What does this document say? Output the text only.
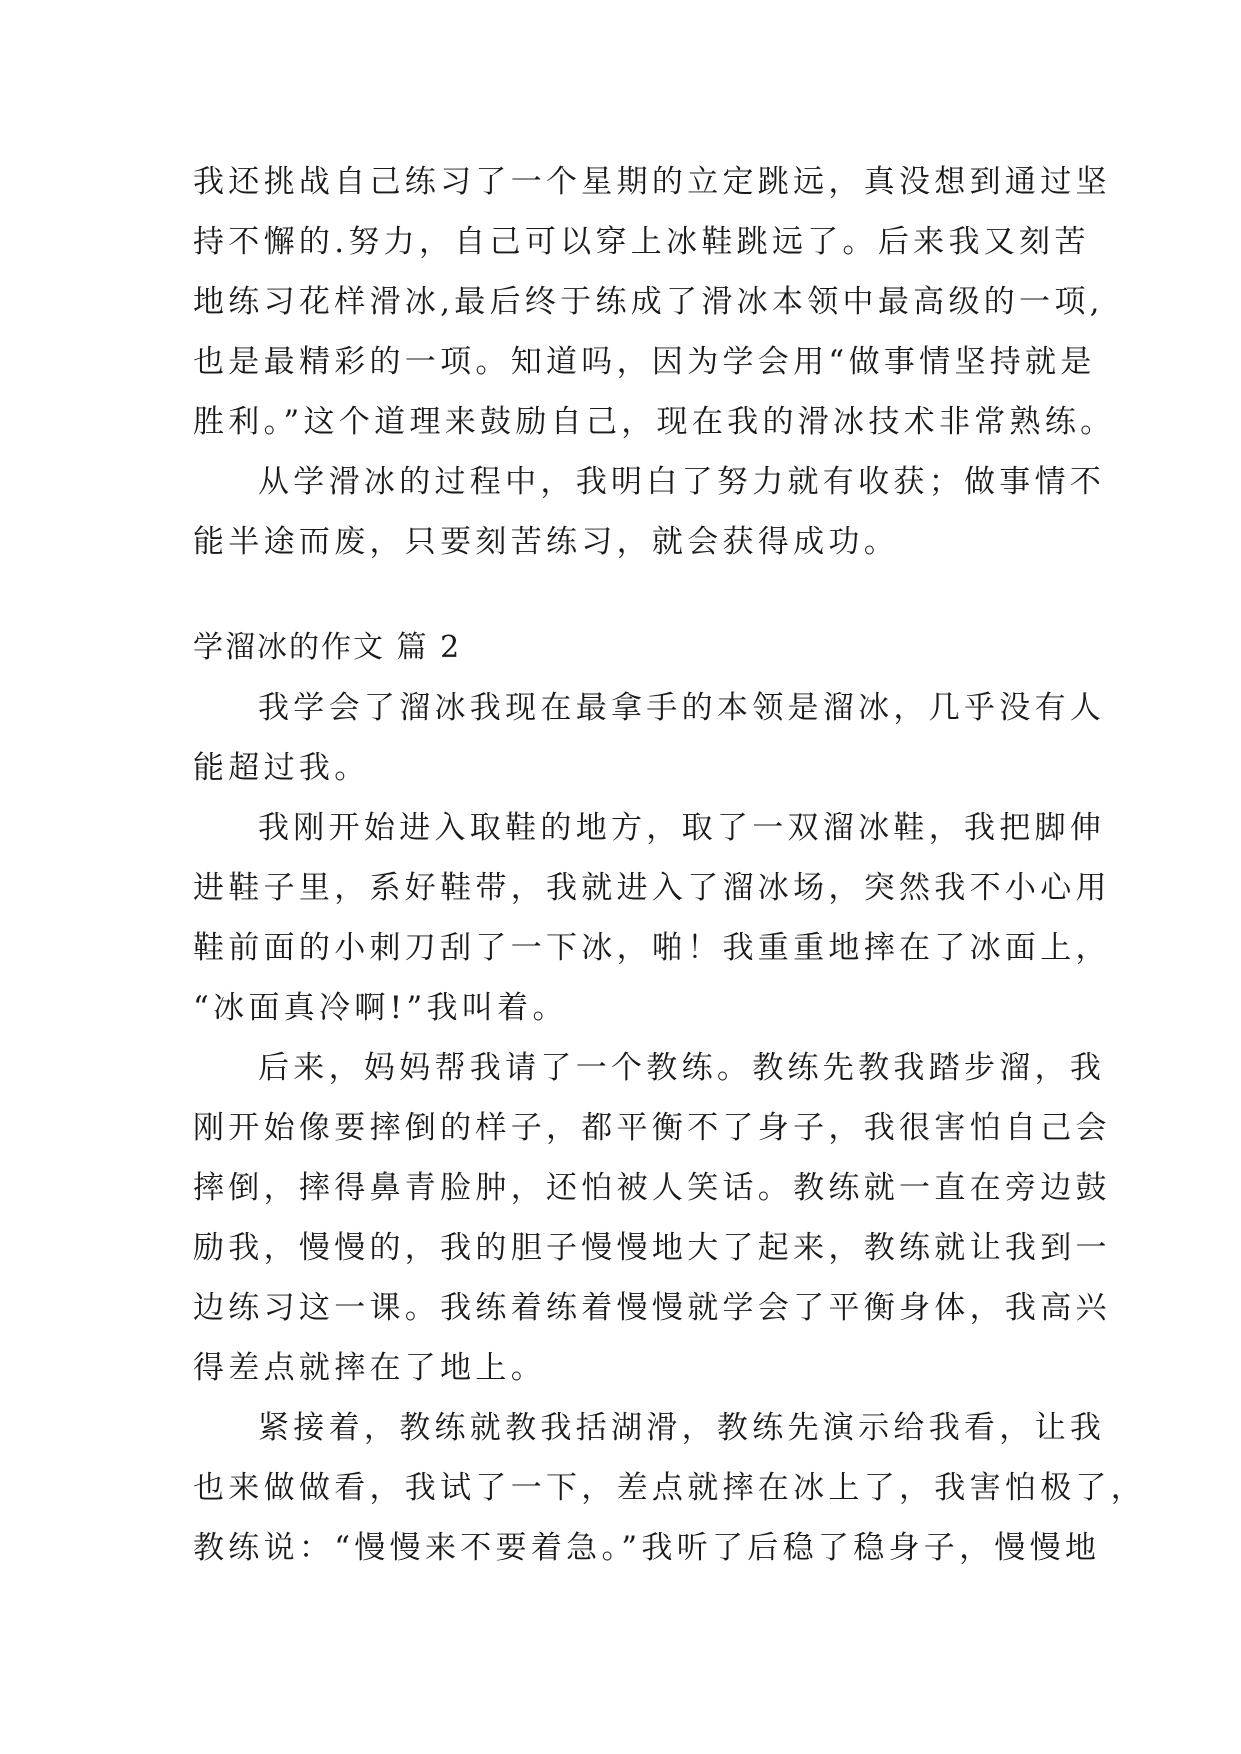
我还挑战自己练习了一个星期的立定跳远，真没想到通过坚
持不懈的.努力，自己可以穿上冰鞋跳远了。后来我又刻苦
地练习花样滑冰,最后终于练成了滑冰本领中最高级的一项,
也是最精彩的一项。知道吗，因为学会用“做事情坚持就是
胜利。”这个道理来鼓励自己，现在我的滑冰技术非常熟练。
从学滑冰的过程中，我明白了努力就有收获；做事情不
能半途而废，只要刻苦练习，就会获得成功。
学溜冰的作文 篇 2
我学会了溜冰我现在最拿手的本领是溜冰，几乎没有人
能超过我。
我刚开始进入取鞋的地方，取了一双溜冰鞋，我把脚伸
进鞋子里，系好鞋带，我就进入了溜冰场，突然我不小心用
鞋前面的小刺刀刮了一下冰，啪！我重重地摔在了冰面上，
“冰面真冷啊!”我叫着。
后来，妈妈帮我请了一个教练。教练先教我踏步溜，我
刚开始像要摔倒的样子，都平衡不了身子，我很害怕自己会
摔倒，摔得鼻青脸肿，还怕被人笑话。教练就一直在旁边鼓
励我，慢慢的，我的胆子慢慢地大了起来，教练就让我到一
边练习这一课。我练着练着慢慢就学会了平衡身体，我高兴
得差点就摔在了地上。
紧接着，教练就教我括湖滑，教练先演示给我看，让我
也来做做看，我试了一下，差点就摔在冰上了，我害怕极了，
教练说：“慢慢来不要着急。”我听了后稳了稳身子，慢慢地
